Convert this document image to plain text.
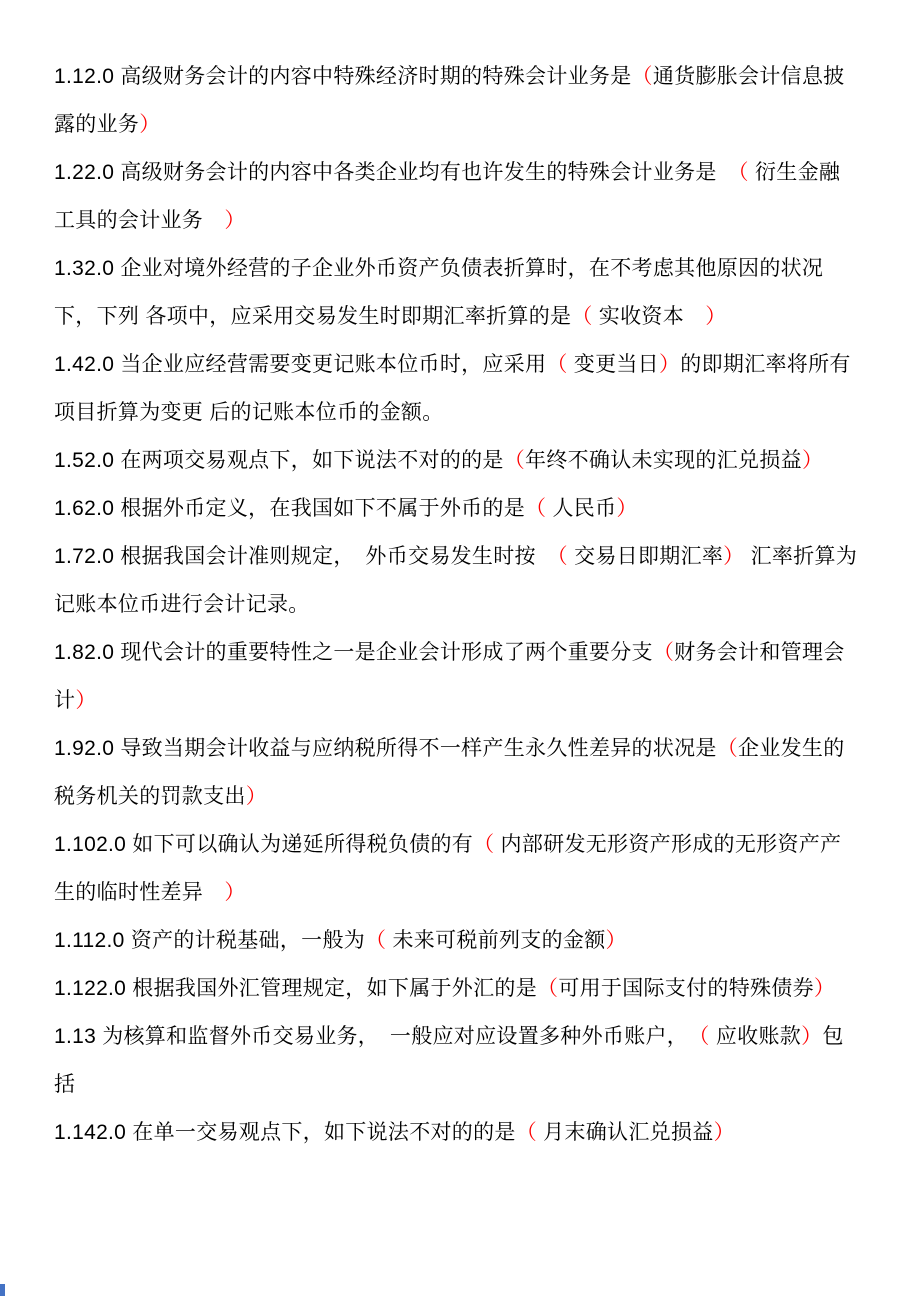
1.12.0 高级财务会计的内容中特殊经济时期的特殊会计业务是（通货膨胀会计信息披露的业务）

1.22.0 高级财务会计的内容中各类企业均有也许发生的特殊会计业务是　（ 衍生金融工具的会计业务　）

1.32.0 企业对境外经营的子企业外币资产负债表折算时，在不考虑其他原因的状况下，下列 各项中，应采用交易发生时即期汇率折算的是（ 实收资本　）

1.42.0 当企业应经营需要变更记账本位币时，应采用（ 变更当日）的即期汇率将所有项目折算为变更 后的记账本位币的金额。

1.52.0 在两项交易观点下，如下说法不对的的是（年终不确认未实现的汇兑损益）

1.62.0 根据外币定义，在我国如下不属于外币的是（ 人民币）

1.72.0 根据我国会计准则规定，　外币交易发生时按　（ 交易日即期汇率） 汇率折算为记账本位币进行会计记录。

1.82.0 现代会计的重要特性之一是企业会计形成了两个重要分支（财务会计和管理会计）

1.92.0 导致当期会计收益与应纳税所得不一样产生永久性差异的状况是（企业发生的税务机关的罚款支出）

1.102.0 如下可以确认为递延所得税负债的有（ 内部研发无形资产形成的无形资产产生的临时性差异　）

1.112.0 资产的计税基础，一般为（ 未来可税前列支的金额）

1.122.0 根据我国外汇管理规定，如下属于外汇的是（可用于国际支付的特殊债券）

1.13 为核算和监督外币交易业务，　一般应对应设置多种外币账户，　（ 应收账款）包括

1.142.0 在单一交易观点下，如下说法不对的的是（ 月末确认汇兑损益）
